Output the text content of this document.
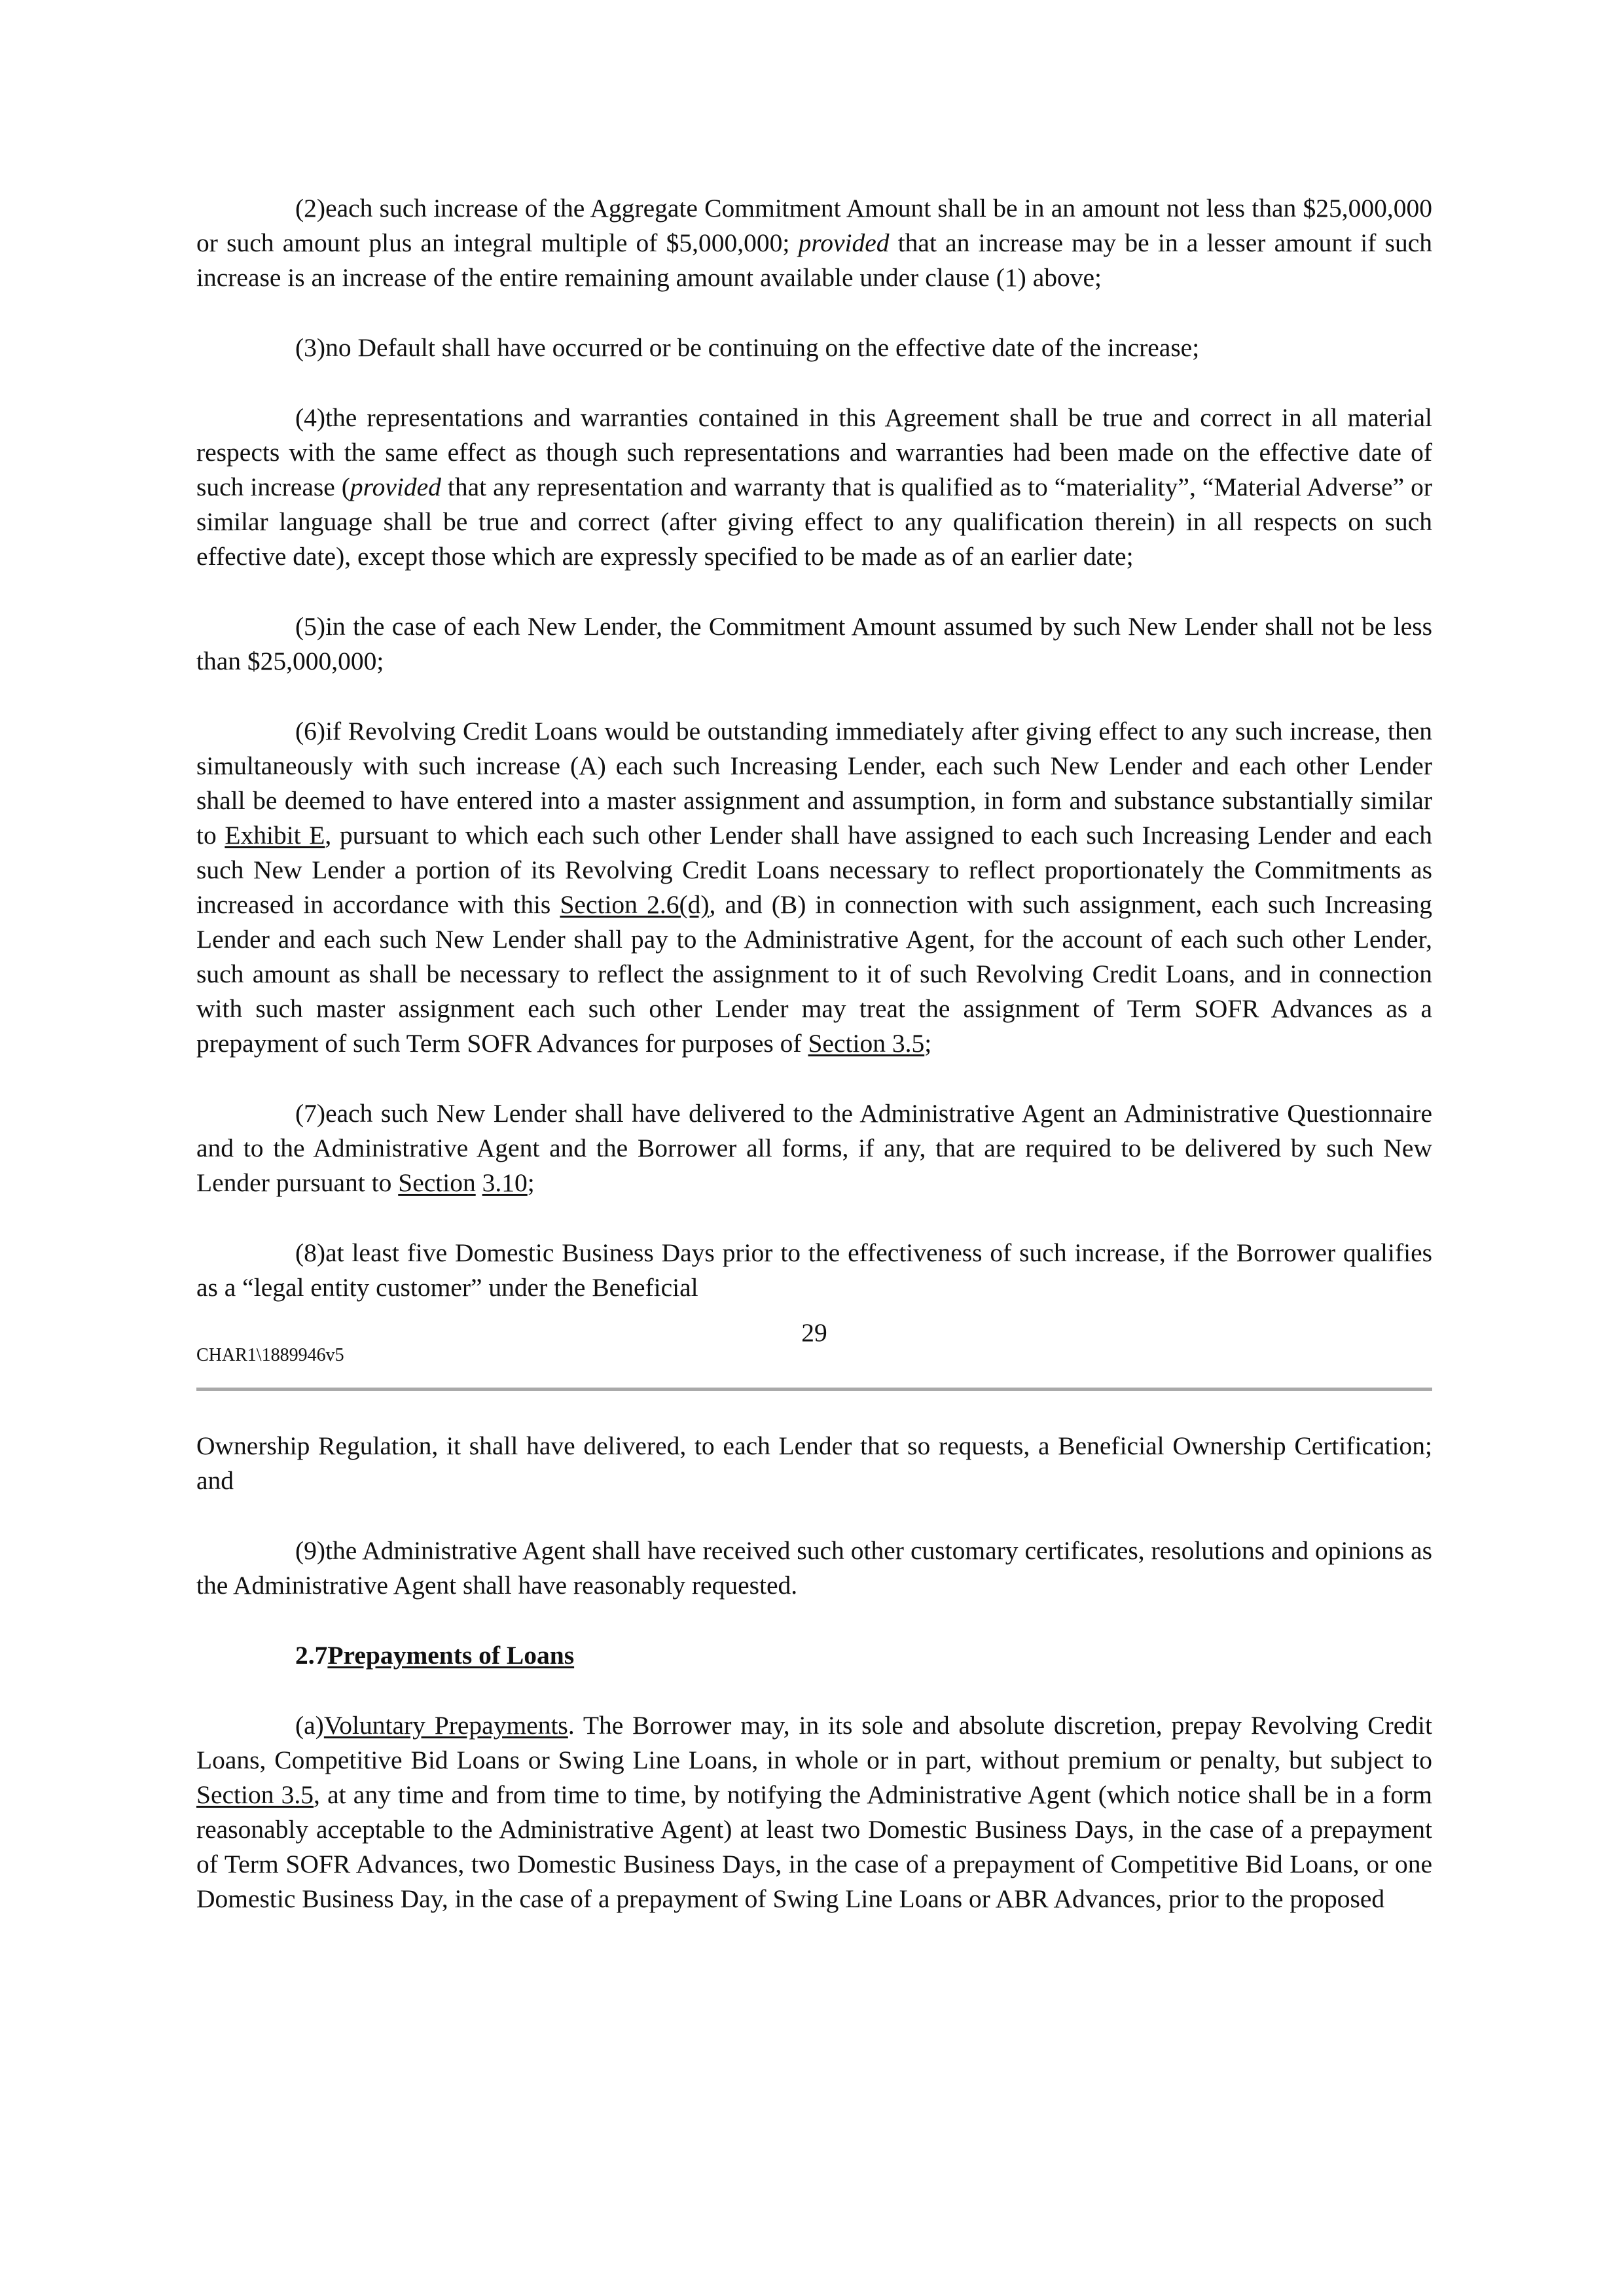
(2)each such increase of the Aggregate Commitment Amount shall be in an amount not less than $25,000,000 or such amount plus an integral multiple of $5,000,000; provided that an increase may be in a lesser amount if such increase is an increase of the entire remaining amount available under clause (1) above;

(3)no Default shall have occurred or be continuing on the effective date of the increase;

(4)the representations and warranties contained in this Agreement shall be true and correct in all material respects with the same effect as though such representations and warranties had been made on the effective date of such increase (provided that any representation and warranty that is qualified as to “materiality”, “Material Adverse” or similar language shall be true and correct (after giving effect to any qualification therein) in all respects on such effective date), except those which are expressly specified to be made as of an earlier date;

(5)in the case of each New Lender, the Commitment Amount assumed by such New Lender shall not be less than $25,000,000;

(6)if Revolving Credit Loans would be outstanding immediately after giving effect to any such increase, then simultaneously with such increase (A) each such Increasing Lender, each such New Lender and each other Lender shall be deemed to have entered into a master assignment and assumption, in form and substance substantially similar to Exhibit E, pursuant to which each such other Lender shall have assigned to each such Increasing Lender and each such New Lender a portion of its Revolving Credit Loans necessary to reflect proportionately the Commitments as increased in accordance with this Section 2.6(d), and (B) in connection with such assignment, each such Increasing Lender and each such New Lender shall pay to the Administrative Agent, for the account of each such other Lender, such amount as shall be necessary to reflect the assignment to it of such Revolving Credit Loans, and in connection with such master assignment each such other Lender may treat the assignment of Term SOFR Advances as a prepayment of such Term SOFR Advances for purposes of Section 3.5;

(7)each such New Lender shall have delivered to the Administrative Agent an Administrative Questionnaire and to the Administrative Agent and the Borrower all forms, if any, that are required to be delivered by such New Lender pursuant to Section 3.10;

(8)at least five Domestic Business Days prior to the effectiveness of such increase, if the Borrower qualifies as a “legal entity customer” under the Beneficial

29
CHAR1\1889946v5

Ownership Regulation, it shall have delivered, to each Lender that so requests, a Beneficial Ownership Certification; and

(9)the Administrative Agent shall have received such other customary certificates, resolutions and opinions as the Administrative Agent shall have reasonably requested.

2.7Prepayments of Loans

(a)Voluntary Prepayments. The Borrower may, in its sole and absolute discretion, prepay Revolving Credit Loans, Competitive Bid Loans or Swing Line Loans, in whole or in part, without premium or penalty, but subject to Section 3.5, at any time and from time to time, by notifying the Administrative Agent (which notice shall be in a form reasonably acceptable to the Administrative Agent) at least two Domestic Business Days, in the case of a prepayment of Term SOFR Advances, two Domestic Business Days, in the case of a prepayment of Competitive Bid Loans, or one Domestic Business Day, in the case of a prepayment of Swing Line Loans or ABR Advances, prior to the proposed
